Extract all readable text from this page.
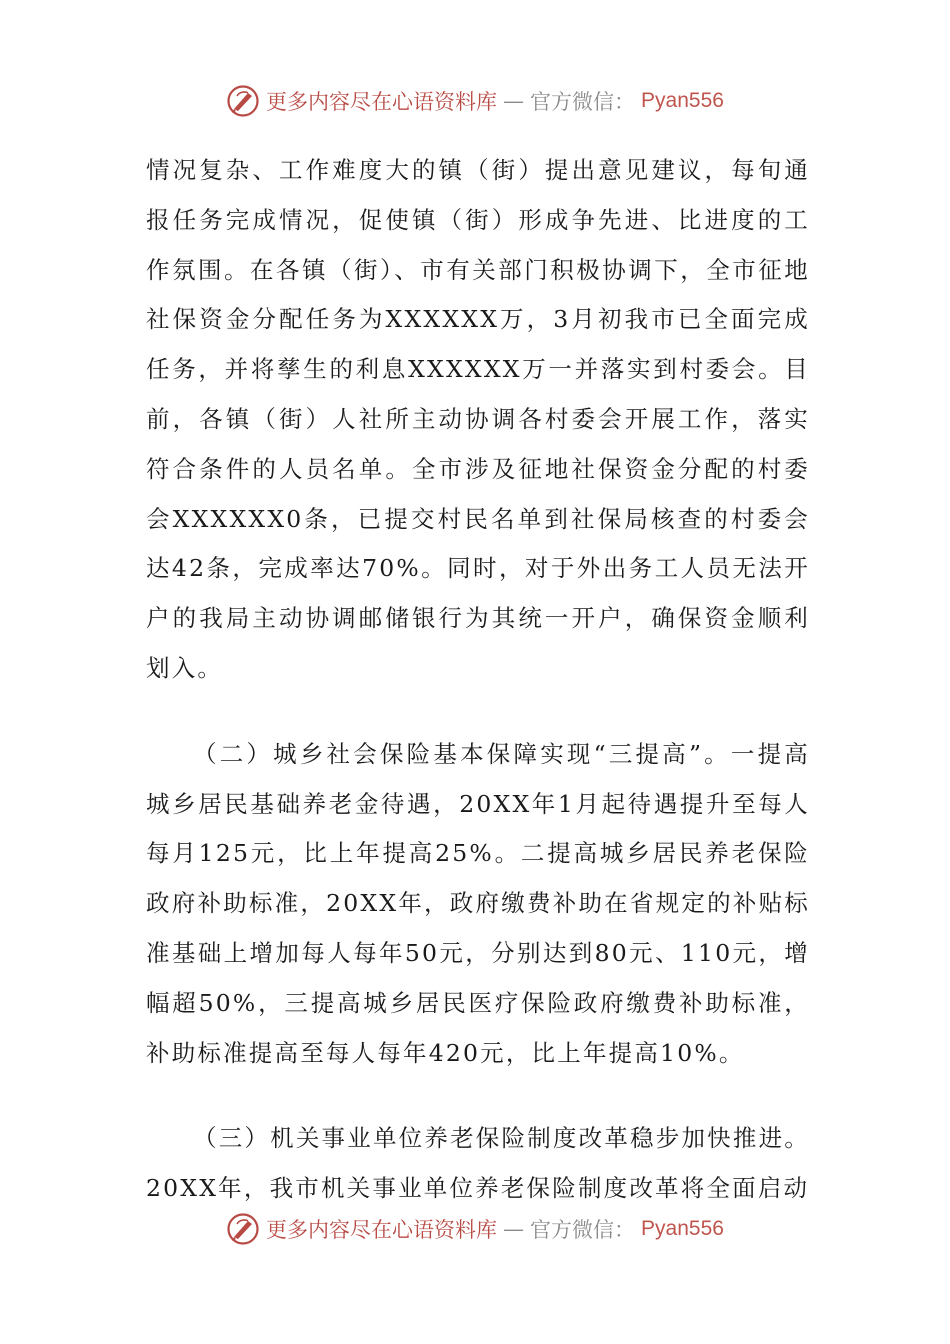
更多内容尽在心语资料库 — 官方微信： Pyan556

情况复杂、工作难度大的镇（街）提出意见建议，每旬通报任务完成情况，促使镇（街）形成争先进、比进度的工作氛围。在各镇（街）、市有关部门积极协调下，全市征地社保资金分配任务为XXXXXX万，3月初我市已全面完成任务，并将孳生的利息XXXXXX万一并落实到村委会。目前，各镇（街）人社所主动协调各村委会开展工作，落实符合条件的人员名单。全市涉及征地社保资金分配的村委会XXXXXX0条，已提交村民名单到社保局核查的村委会达42条，完成率达70%。同时，对于外出务工人员无法开户的我局主动协调邮储银行为其统一开户，确保资金顺利划入。

（二）城乡社会保险基本保障实现“三提高”。一提高城乡居民基础养老金待遇，20XX年1月起待遇提升至每人每月125元，比上年提高25%。二提高城乡居民养老保险政府补助标准，20XX年，政府缴费补助在省规定的补贴标准基础上增加每人每年50元，分别达到80元、110元，增幅超50%，三提高城乡居民医疗保险政府缴费补助标准，补助标准提高至每人每年420元，比上年提高10%。

（三）机关事业单位养老保险制度改革稳步加快推进。20XX年，我市机关事业单位养老保险制度改革将全面启动

更多内容尽在心语资料库 — 官方微信： Pyan556
